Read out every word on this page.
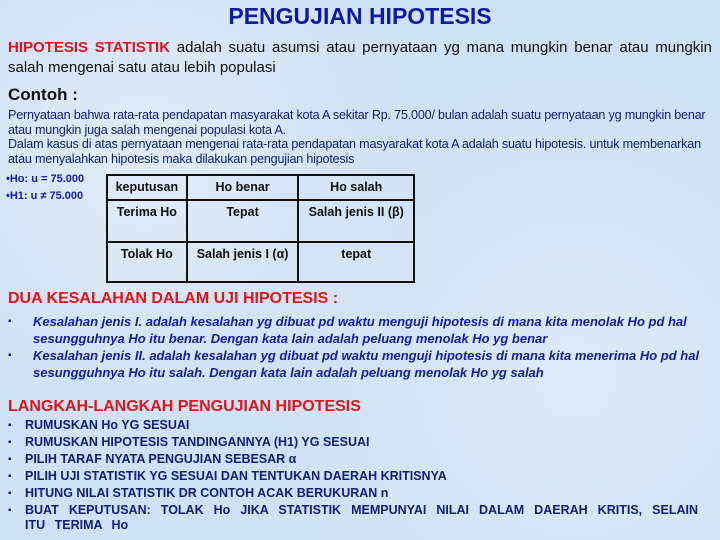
PENGUJIAN HIPOTESIS
HIPOTESIS STATISTIK adalah suatu asumsi atau pernyataan yg mana mungkin benar atau mungkin salah mengenai satu atau lebih populasi
Contoh :

Pernyataan bahwa rata-rata pendapatan masyarakat kota A sekitar Rp. 75.000/ bulan adalah suatu pernyataan yg mungkin benar atau mungkin juga salah mengenai populasi kota A.

Dalam kasus di atas pernyataan mengenai rata-rata pendapatan masyarakat kota A adalah suatu hipotesis. untuk membenarkan atau menyalahkan hipotesis maka dilakukan pengujian hipotesis

•Ho: u = 75.000
•H1: u ≠ 75.000
keputusan	Ho benar	Ho salah
Terima Ho	Tepat	Salah jenis II (β)
Tolak Ho	Salah jenis I (α)	tepat
DUA KESALAHAN DALAM UJI HIPOTESIS :
▪ Kesalahan jenis I. adalah kesalahan yg dibuat pd waktu menguji hipotesis di mana kita menolak Ho pd hal sesungguhnya Ho itu benar. Dengan kata lain adalah peluang menolak Ho yg benar
▪ Kesalahan jenis II. adalah kesalahan yg dibuat pd waktu menguji hipotesis di mana kita menerima Ho pd hal sesungguhnya Ho itu salah. Dengan kata lain adalah peluang menolak Ho yg salah
LANGKAH-LANGKAH PENGUJIAN HIPOTESIS
▪ RUMUSKAN Ho YG SESUAI
▪ RUMUSKAN HIPOTESIS TANDINGANNYA (H1) YG SESUAI
▪ PILIH TARAF NYATA PENGUJIAN SEBESAR α
▪ PILIH UJI STATISTIK YG SESUAI DAN TENTUKAN DAERAH KRITISNYA
▪ HITUNG NILAI STATISTIK DR CONTOH ACAK BERUKURAN n
▪ BUAT KEPUTUSAN: TOLAK Ho JIKA STATISTIK MEMPUNYAI NILAI DALAM DAERAH KRITIS, SELAIN ITU TERIMA Ho
